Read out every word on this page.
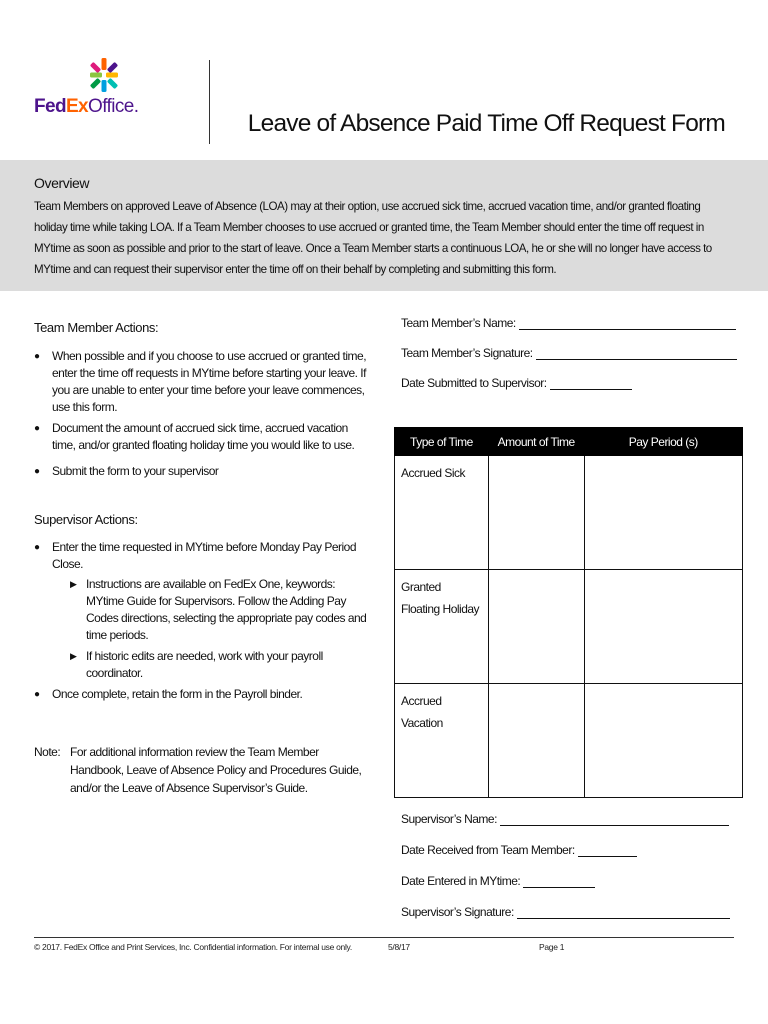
FedExOffice.
Leave of Absence Paid Time Off Request Form
Overview

Team Members on approved Leave of Absence (LOA) may at their option, use accrued sick time, accrued vacation time, and/or granted floating holiday time while taking LOA. If a Team Member chooses to use accrued or granted time, the Team Member should enter the time off request in MYtime as soon as possible and prior to the start of leave. Once a Team Member starts a continuous LOA, he or she will no longer have access to MYtime and can request their supervisor enter the time off on their behalf by completing and submitting this form.

Team Member Actions:
● When possible and if you choose to use accrued or granted time, enter the time off requests in MYtime before starting your leave. If you are unable to enter your time before your leave commences, use this form.
● Document the amount of accrued sick time, accrued vacation time, and/or granted floating holiday time you would like to use.
● Submit the form to your supervisor
Supervisor Actions:
● Enter the time requested in MYtime before Monday Pay Period Close.
▶ Instructions are available on FedEx One, keywords: MYtime Guide for Supervisors. Follow the Adding Pay Codes directions, selecting the appropriate pay codes and time periods.
▶ If historic edits are needed, work with your payroll coordinator.
● Once complete, retain the form in the Payroll binder.
Note: For additional information review the Team Member Handbook, Leave of Absence Policy and Procedures Guide, and/or the Leave of Absence Supervisor’s Guide.
Team Member’s Name:
Team Member’s Signature:
Date Submitted to Supervisor:
Type of Time	Amount of Time	Pay Period (s)
Accrued Sick		
Granted Floating Holiday		
Accrued Vacation		
Supervisor’s Name:
Date Received from Team Member:
Date Entered in MYtime:
Supervisor’s Signature:
© 2017. FedEx Office and Print Services, Inc. Confidential information. For internal use only.	5/8/17	Page 1
